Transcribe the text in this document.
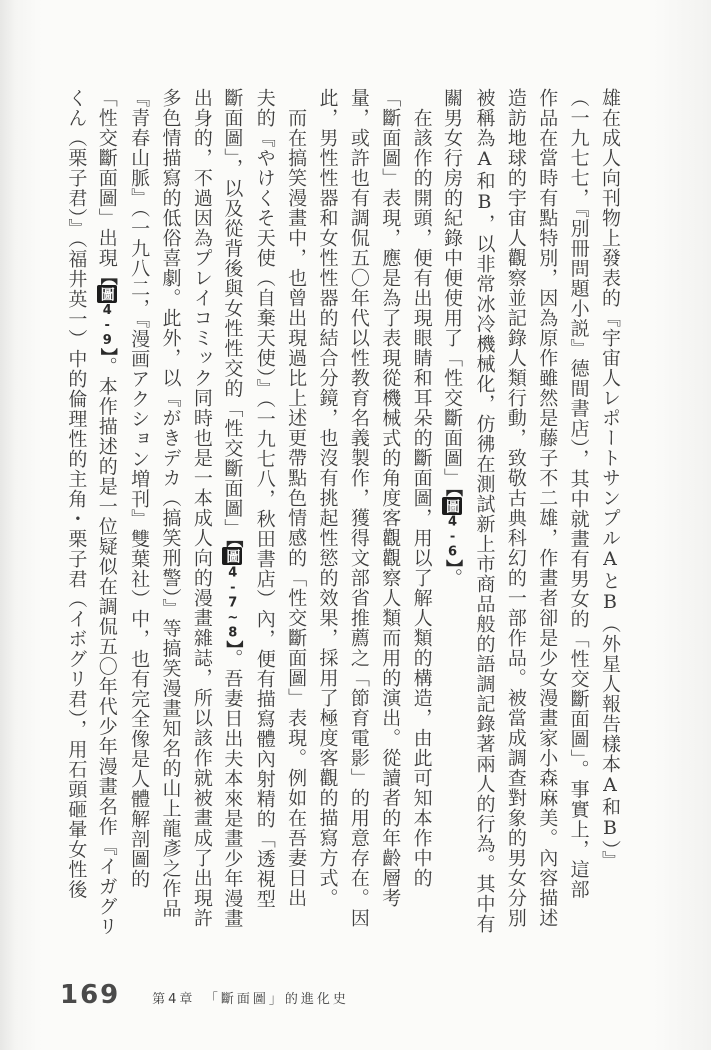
雄在成人向刊物上發表的『宇宙人レポートサンプルAとB（外星人報告樣本A和B）』
（一九七七，『別冊問題小説』德間書店），其中就畫有男女的「性交斷面圖」。事實上，這部
作品在當時有點特別，因為原作雖然是藤子不二雄，作畫者卻是少女漫畫家小森麻美。內容描述
造訪地球的宇宙人觀察並記錄人類行動，致敬古典科幻的一部作品。被當成調查對象的男女分別
被稱為A和B，以非常冰冷機械化，仿彿在測試新上市商品般的語調記錄著兩人的行為。其中有
關男女行房的紀錄中便使用了「性交斷面圖」【圖4-6】。
　在該作的開頭，便有出現眼睛和耳朵的斷面圖，用以了解人類的構造，由此可知本作中的
「斷面圖」表現，應是為了表現從機械式的角度客觀觀察人類而用的演出。從讀者的年齡層考
量，或許也有調侃五〇年代以性教育名義製作，獲得文部省推薦之「節育電影」的用意存在。因
此，男性性器和女性性器的結合分鏡，也沒有挑起性慾的效果，採用了極度客觀的描寫方式。
　而在搞笑漫畫中，也曾出現過比上述更帶點色情感的「性交斷面圖」表現。例如在吾妻日出
夫的『やけくそ天使（自棄天使）』（一九七八，秋田書店）內，便有描寫體內射精的「透視型
斷面圖」，以及從背後與女性性交的「性交斷面圖」【圖4-7~8】。吾妻日出夫本來是畫少年漫畫
出身的，不過因為プレイコミック同時也是一本成人向的漫畫雜誌，所以該作就被畫成了出現許
多色情描寫的低俗喜劇。此外，以『がきデカ（搞笑刑警）』等搞笑漫畫知名的山上龍彥之作品
『青春山脈』（一九八二，『漫画アクション増刊』雙葉社）中，也有完全像是人體解剖圖的
「性交斷面圖」出現【圖4-9】。本作描述的是一位疑似在調侃五〇年代少年漫畫名作『イガグリ
くん（栗子君）』（福井英一）中的倫理性的主角・栗子君（イボグリ君），用石頭砸暈女性後
169	第4章　「斷面圖」的進化史
